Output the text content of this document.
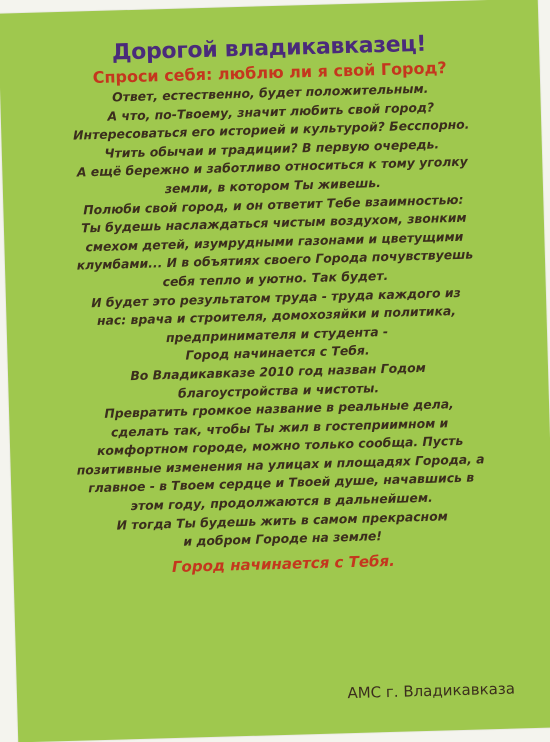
Дорогой владикавказец!
Спроси себя: люблю ли я свой Город?
Ответ, естественно, будет положительным.
А что, по-Твоему, значит любить свой город?
Интересоваться его историей и культурой? Бесспорно.
Чтить обычаи и традиции? В первую очередь.
А ещё бережно и заботливо относиться к тому уголку
земли, в котором Ты живешь.
Полюби свой город, и он ответит Тебе взаимностью:
Ты будешь наслаждаться чистым воздухом, звонким
смехом детей, изумрудными газонами и цветущими
клумбами... И в объятиях своего Города почувствуешь
себя тепло и уютно. Так будет.
И будет это результатом труда - труда каждого из
нас: врача и строителя, домохозяйки и политика,
предпринимателя и студента -
Город начинается с Тебя.
Во Владикавказе 2010 год назван Годом
благоустройства и чистоты.
Превратить громкое название в реальные дела,
сделать так, чтобы Ты жил в гостеприимном и
комфортном городе, можно только сообща. Пусть
позитивные изменения на улицах и площадях Города, а
главное - в Твоем сердце и Твоей душе, начавшись в
этом году, продолжаются в дальнейшем.
И тогда Ты будешь жить в самом прекрасном
и добром Городе на земле!
Город начинается с Тебя.
АМС г. Владикавказа
